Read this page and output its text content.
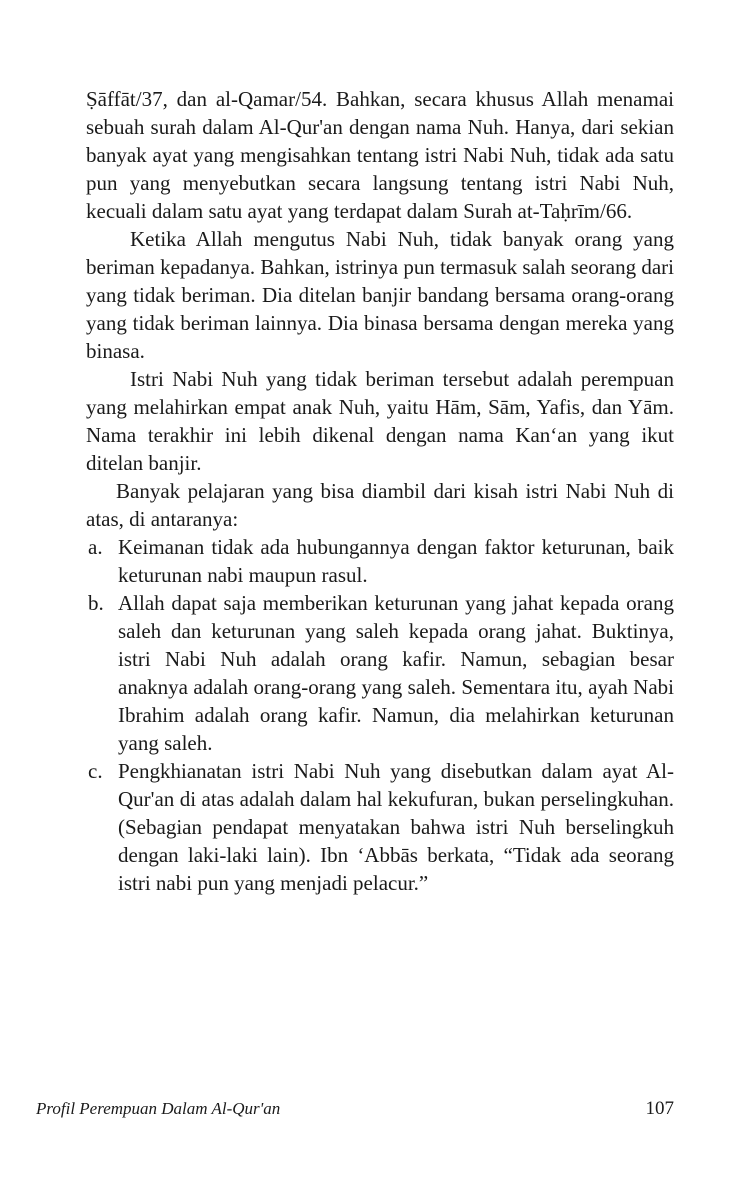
Ṣāffāt/37, dan al-Qamar/54. Bahkan, secara khusus Allah menamai sebuah surah dalam Al-Qur'an dengan nama Nuh. Hanya, dari sekian banyak ayat yang mengisahkan tentang istri Nabi Nuh, tidak ada satu pun yang menyebutkan secara langsung tentang istri Nabi Nuh, kecuali dalam satu ayat yang terdapat dalam Surah at-Taḥrīm/66.

Ketika Allah mengutus Nabi Nuh, tidak banyak orang yang beriman kepadanya. Bahkan, istrinya pun termasuk salah seorang dari yang tidak beriman. Dia ditelan banjir bandang bersama orang-orang yang tidak beriman lainnya. Dia binasa bersama dengan mereka yang binasa.

Istri Nabi Nuh yang tidak beriman tersebut adalah perempuan yang melahirkan empat anak Nuh, yaitu Hām, Sām, Yafis, dan Yām. Nama terakhir ini lebih dikenal dengan nama Kan‘an yang ikut ditelan banjir.

Banyak pelajaran yang bisa diambil dari kisah istri Nabi Nuh di atas, di antaranya:

a. Keimanan tidak ada hubungannya dengan faktor keturunan, baik keturunan nabi maupun rasul.
b. Allah dapat saja memberikan keturunan yang jahat kepada orang saleh dan keturunan yang saleh kepada orang jahat. Buktinya, istri Nabi Nuh adalah orang kafir. Namun, sebagian besar anaknya adalah orang-orang yang saleh. Sementara itu, ayah Nabi Ibrahim adalah orang kafir. Namun, dia melahirkan keturunan yang saleh.
c. Pengkhianatan istri Nabi Nuh yang disebutkan dalam ayat Al-Qur'an di atas adalah dalam hal kekufuran, bukan perselingkuhan. (Sebagian pendapat menyatakan bahwa istri Nuh berselingkuh dengan laki-laki lain). Ibn ‘Abbās berkata, “Tidak ada seorang istri nabi pun yang menjadi pelacur.”
Profil Perempuan Dalam Al-Qur'an	107
